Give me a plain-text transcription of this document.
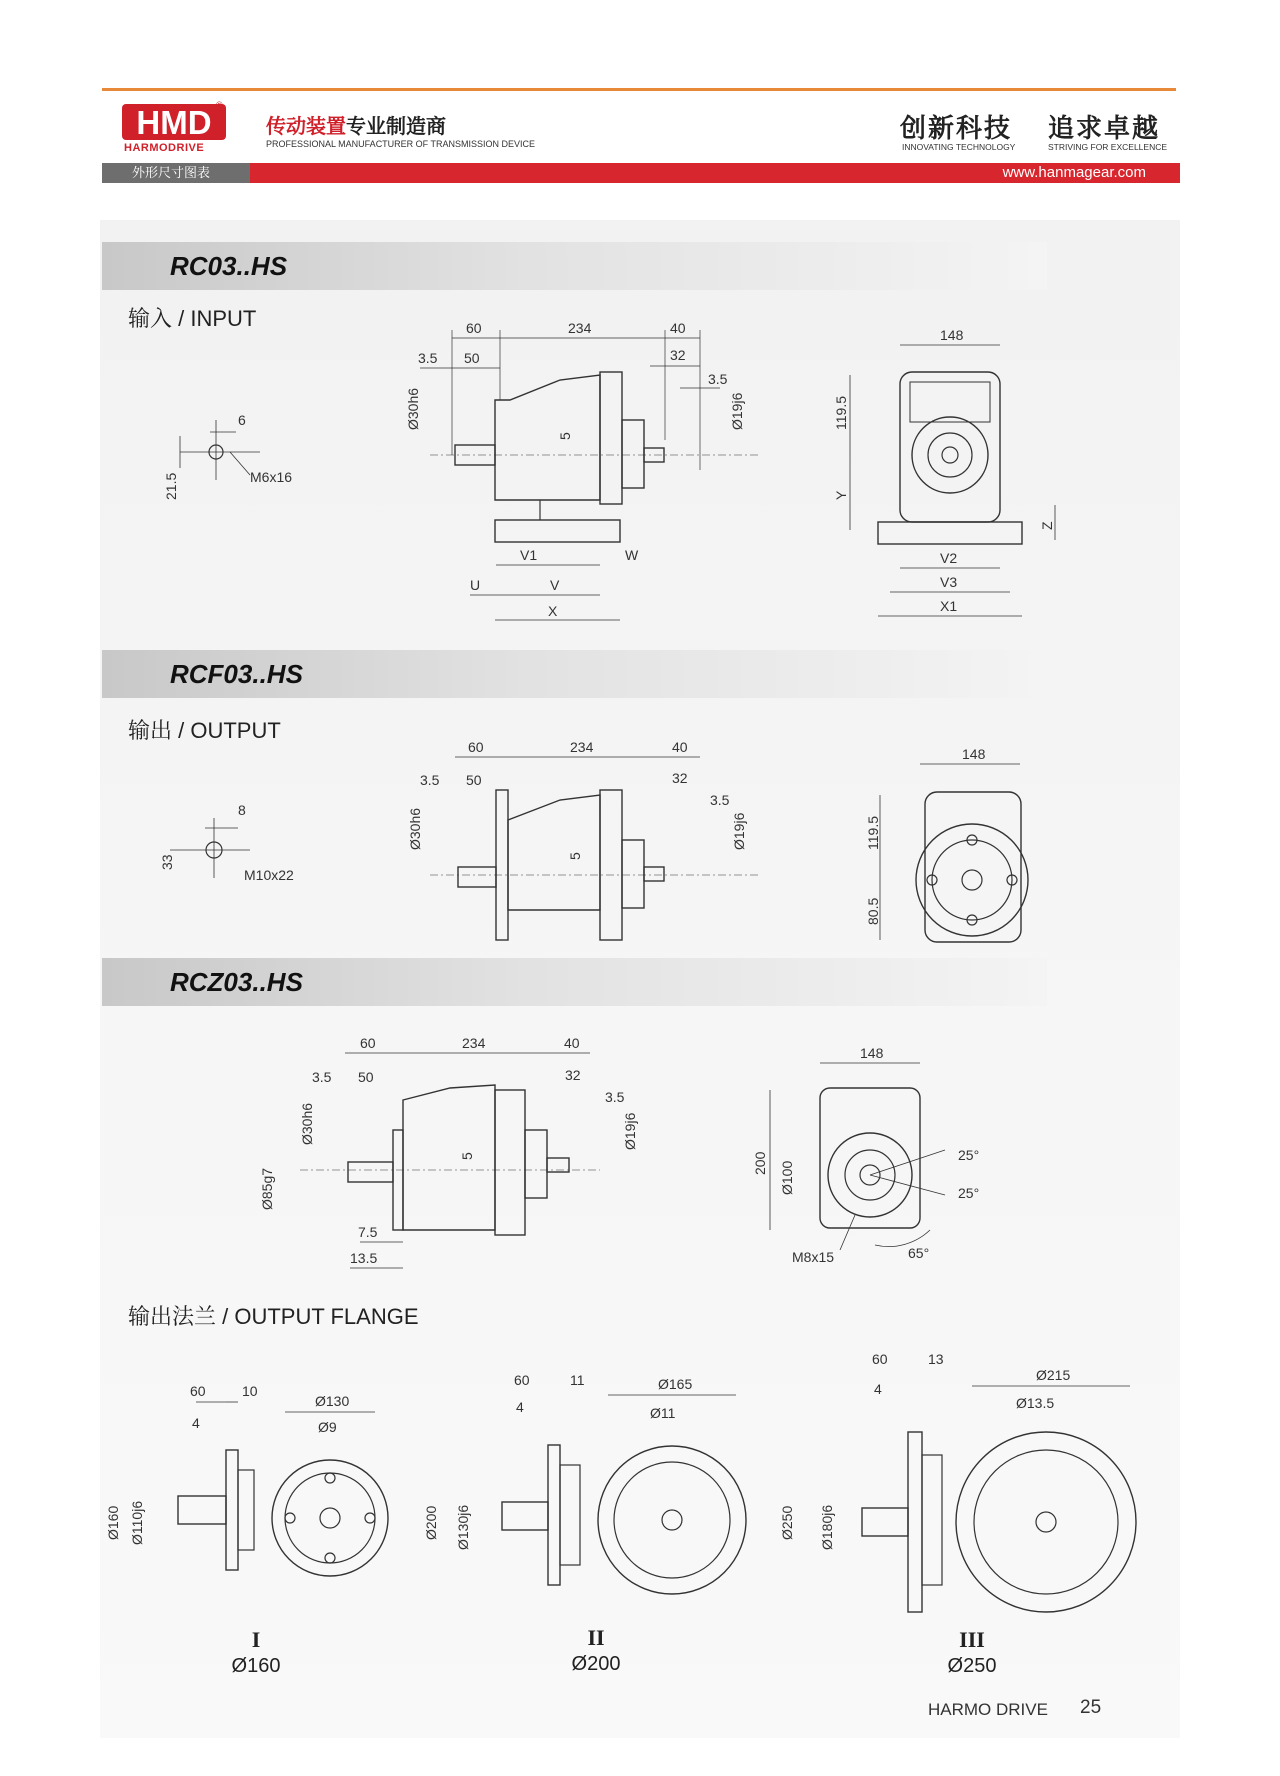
HMD ®
HARMODRIVE
传动装置专业制造商
PROFESSIONAL MANUFACTURER OF TRANSMISSION DEVICE	创新科技
INNOVATING TECHNOLOGY
追求卓越
STRIVING FOR EXCELLENCE
外形尺寸图表	www.hanmagear.com
RC03..HS
输入 / INPUT
RCF03..HS
输出 / OUTPUT
RCZ03..HS
6
21.5	M6x16
60	234	40
3.5 50	32
3.5
Ø30h6	Ø19j6
5
V1	W
U	V
X
148
119.5
Y
Z
V2
V3
X1
8
33
M10x22
60	234	40
3.5 50	32
3.5
Ø30h6	Ø19j6
5
148
119.5
80.5
60	234	40
3.5 50	32
3.5
Ø30h6
Ø85g7
Ø19j6
5
7.5
13.5
148
200 Ø100
25°
25°
65°
M8x15
60	10
4
Ø160 Ø110j6
Ø130
Ø9
60	11
4
Ø200 Ø130j6
Ø165
Ø11
60	13
4
Ø250 Ø180j6
Ø215
Ø13.5
输出法兰 / OUTPUT FLANGE
I
Ø160
II
Ø200
III
Ø250
HARMO DRIVE 25
